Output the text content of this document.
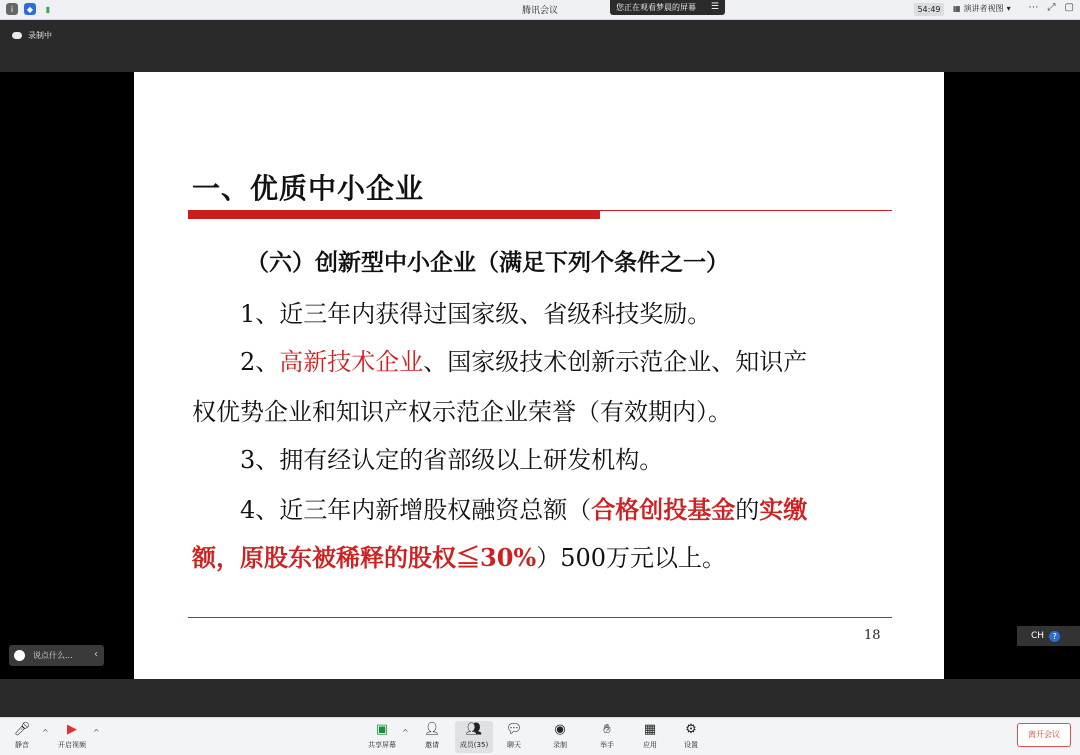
i	◆	▮	腾讯会议	您正在观看梦晨的屏幕 ☰	54:49	▦ 演讲者视图 ▾ ⋯ ⤢ ▢
录制中
一、优质中小企业
（六）创新型中小企业（满足下列个条件之一）
1、近三年内获得过国家级、省级科技奖励。
2、高新技术企业、国家级技术创新示范企业、知识产
权优势企业和知识产权示范企业荣誉（有效期内）。
3、拥有经认定的省部级以上研发机构。
4、近三年内新增股权融资总额（合格创投基金的实缴
额，原股东被稀释的股权≦30%）500万元以上。
18
说点什么... ‹
CH	?
🎤︎
静音
▶
开启视频
▣
共享屏幕
👤︎
邀请
👥︎
成员(35)
💬︎
聊天
◉
录制
✋︎
举手
▦
应用
⚙︎
设置
^	^	^	离开会议
